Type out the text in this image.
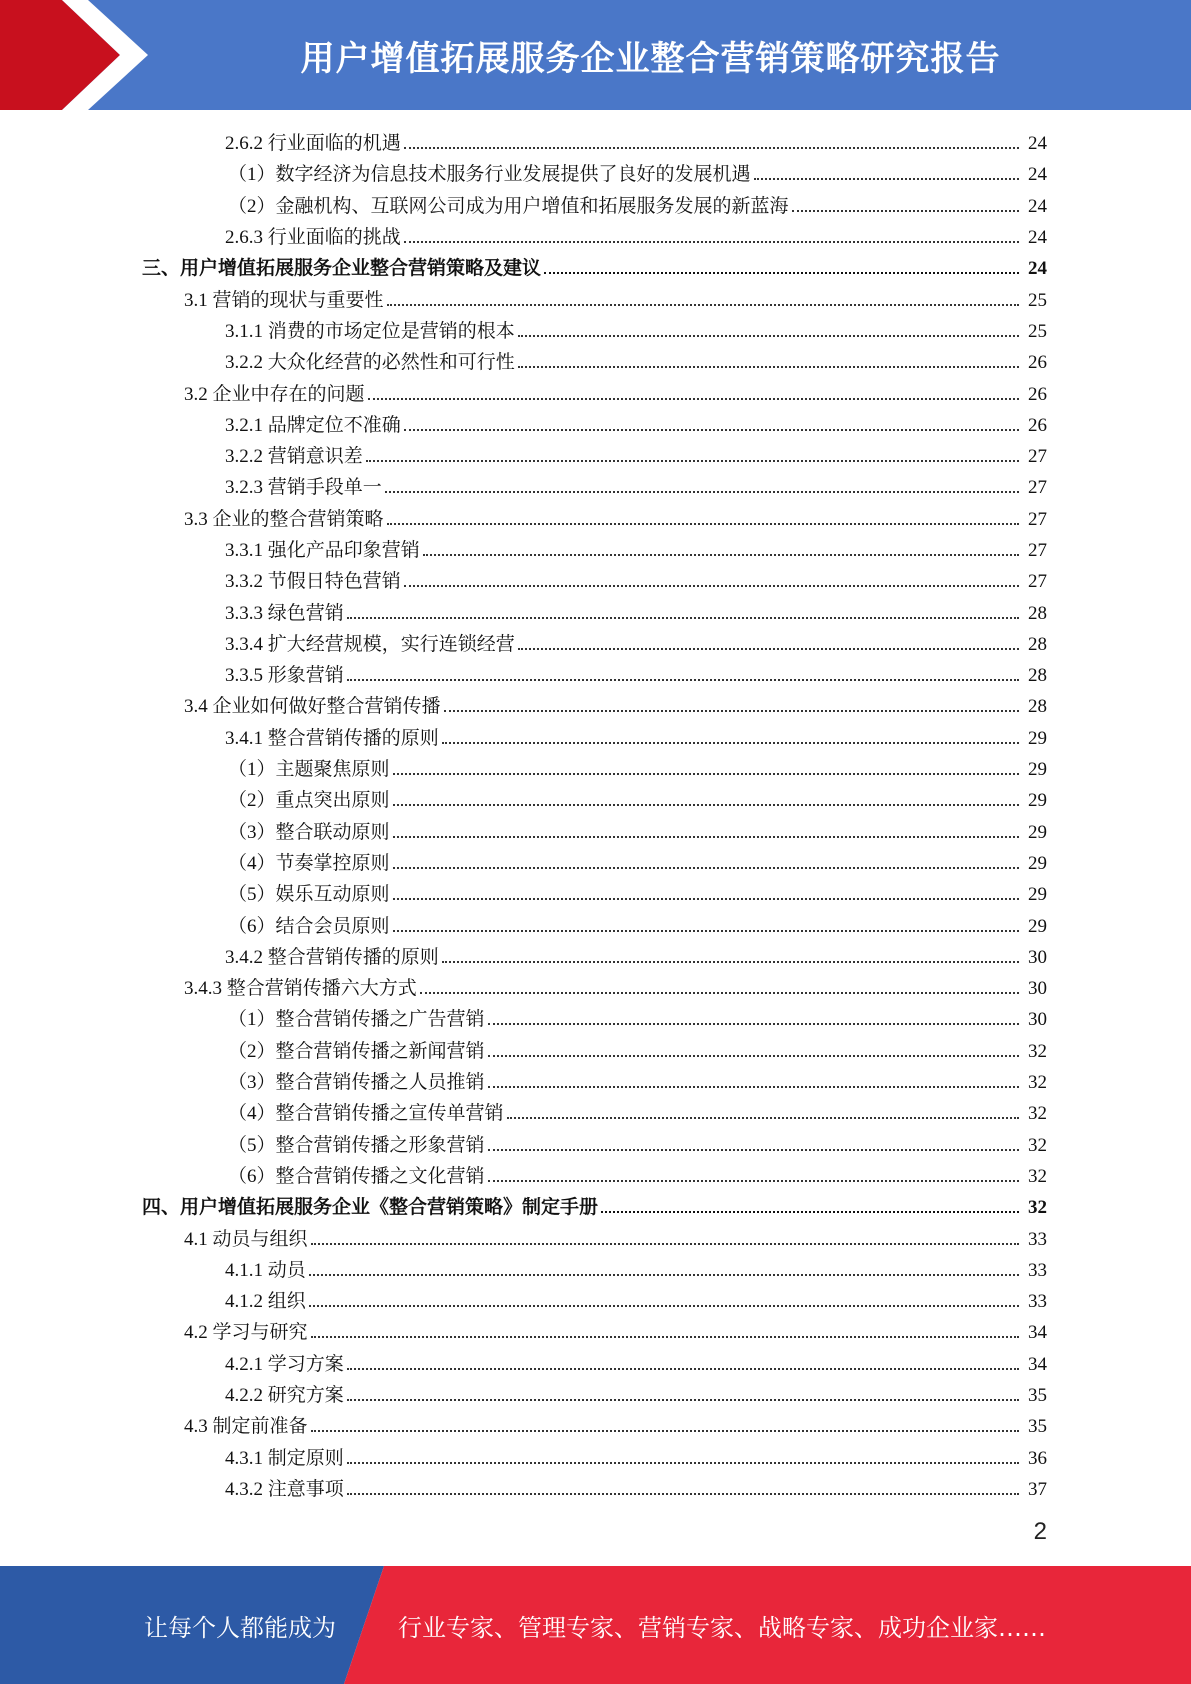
用户增值拓展服务企业整合营销策略研究报告
2.6.2 行业面临的机遇	24
（1）数字经济为信息技术服务行业发展提供了良好的发展机遇	24
（2）金融机构、互联网公司成为用户增值和拓展服务发展的新蓝海	24
2.6.3 行业面临的挑战	24
三、用户增值拓展服务企业整合营销策略及建议	24
3.1 营销的现状与重要性	25
3.1.1 消费的市场定位是营销的根本	25
3.2.2 大众化经营的必然性和可行性	26
3.2 企业中存在的问题	26
3.2.1 品牌定位不准确	26
3.2.2 营销意识差	27
3.2.3 营销手段单一	27
3.3 企业的整合营销策略	27
3.3.1 强化产品印象营销	27
3.3.2 节假日特色营销	27
3.3.3 绿色营销	28
3.3.4 扩大经营规模，实行连锁经营	28
3.3.5 形象营销	28
3.4 企业如何做好整合营销传播	28
3.4.1 整合营销传播的原则	29
（1）主题聚焦原则	29
（2）重点突出原则	29
（3）整合联动原则	29
（4）节奏掌控原则	29
（5）娱乐互动原则	29
（6）结合会员原则	29
3.4.2 整合营销传播的原则	30
3.4.3 整合营销传播六大方式	30
（1）整合营销传播之广告营销	30
（2）整合营销传播之新闻营销	32
（3）整合营销传播之人员推销	32
（4）整合营销传播之宣传单营销	32
（5）整合营销传播之形象营销	32
（6）整合营销传播之文化营销	32
四、用户增值拓展服务企业《整合营销策略》制定手册	32
4.1 动员与组织	33
4.1.1 动员	33
4.1.2 组织	33
4.2 学习与研究	34
4.2.1 学习方案	34
4.2.2 研究方案	35
4.3 制定前准备	35
4.3.1 制定原则	36
4.3.2 注意事项	37
2
让每个人都能成为	行业专家、管理专家、营销专家、战略专家、成功企业家……
